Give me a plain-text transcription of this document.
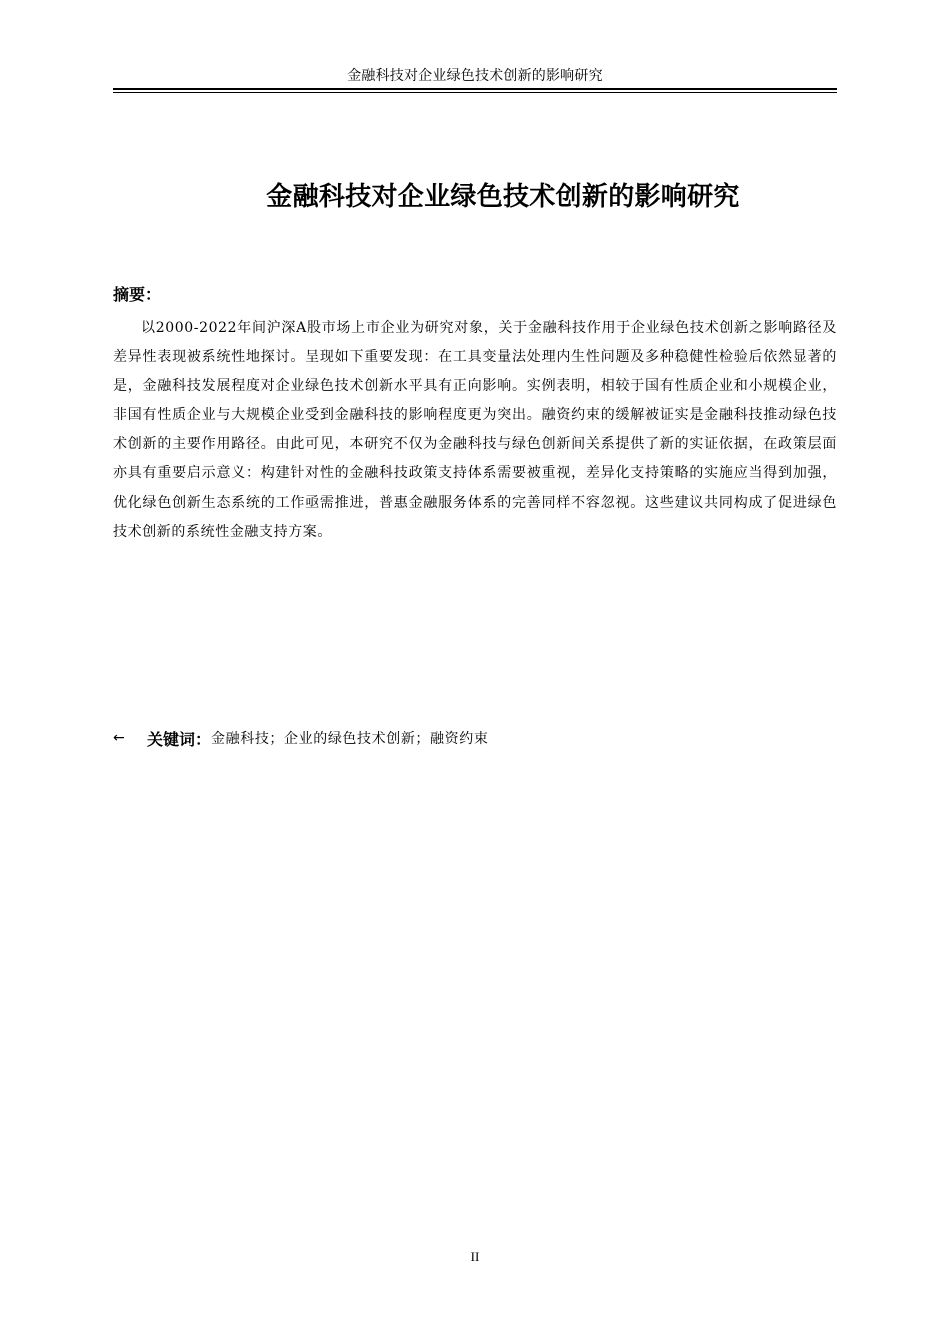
金融科技对企业绿色技术创新的影响研究
金融科技对企业绿色技术创新的影响研究
摘要：

以2000-2022年间沪深A股市场上市企业为研究对象，关于金融科技作用于企业绿色技术创新之影响路径及差异性表现被系统性地探讨。呈现如下重要发现：在工具变量法处理内生性问题及多种稳健性检验后依然显著的是，金融科技发展程度对企业绿色技术创新水平具有正向影响。实例表明，相较于国有性质企业和小规模企业，非国有性质企业与大规模企业受到金融科技的影响程度更为突出。融资约束的缓解被证实是金融科技推动绿色技术创新的主要作用路径。由此可见，本研究不仅为金融科技与绿色创新间关系提供了新的实证依据，在政策层面亦具有重要启示意义：构建针对性的金融科技政策支持体系需要被重视，差异化支持策略的实施应当得到加强，优化绿色创新生态系统的工作亟需推进，普惠金融服务体系的完善同样不容忽视。这些建议共同构成了促进绿色技术创新的系统性金融支持方案。

←	关键词： 金融科技；企业的绿色技术创新；融资约束
II
